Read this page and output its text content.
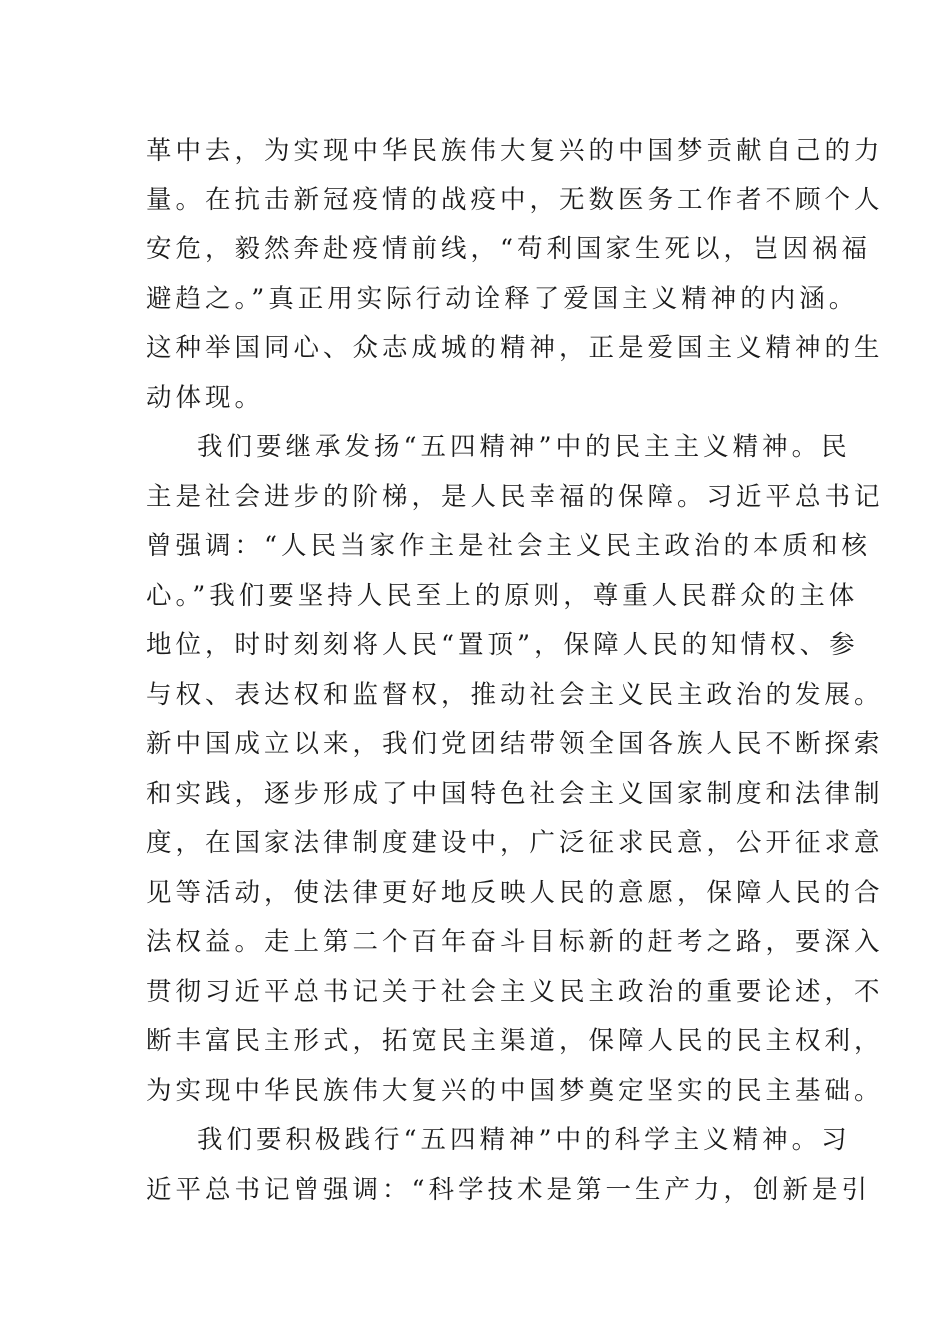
革中去，为实现中华民族伟大复兴的中国梦贡献自己的力
量。在抗击新冠疫情的战疫中，无数医务工作者不顾个人
安危，毅然奔赴疫情前线，“苟利国家生死以，岂因祸福
避趋之。”真正用实际行动诠释了爱国主义精神的内涵。
这种举国同心、众志成城的精神，正是爱国主义精神的生
动体现。
我们要继承发扬“五四精神”中的民主主义精神。民
主是社会进步的阶梯，是人民幸福的保障。习近平总书记
曾强调：“人民当家作主是社会主义民主政治的本质和核
心。”我们要坚持人民至上的原则，尊重人民群众的主体
地位，时时刻刻将人民“置顶”，保障人民的知情权、参
与权、表达权和监督权，推动社会主义民主政治的发展。
新中国成立以来，我们党团结带领全国各族人民不断探索
和实践，逐步形成了中国特色社会主义国家制度和法律制
度，在国家法律制度建设中，广泛征求民意，公开征求意
见等活动，使法律更好地反映人民的意愿，保障人民的合
法权益。走上第二个百年奋斗目标新的赶考之路，要深入
贯彻习近平总书记关于社会主义民主政治的重要论述，不
断丰富民主形式，拓宽民主渠道，保障人民的民主权利，
为实现中华民族伟大复兴的中国梦奠定坚实的民主基础。
我们要积极践行“五四精神”中的科学主义精神。习
近平总书记曾强调：“科学技术是第一生产力，创新是引
